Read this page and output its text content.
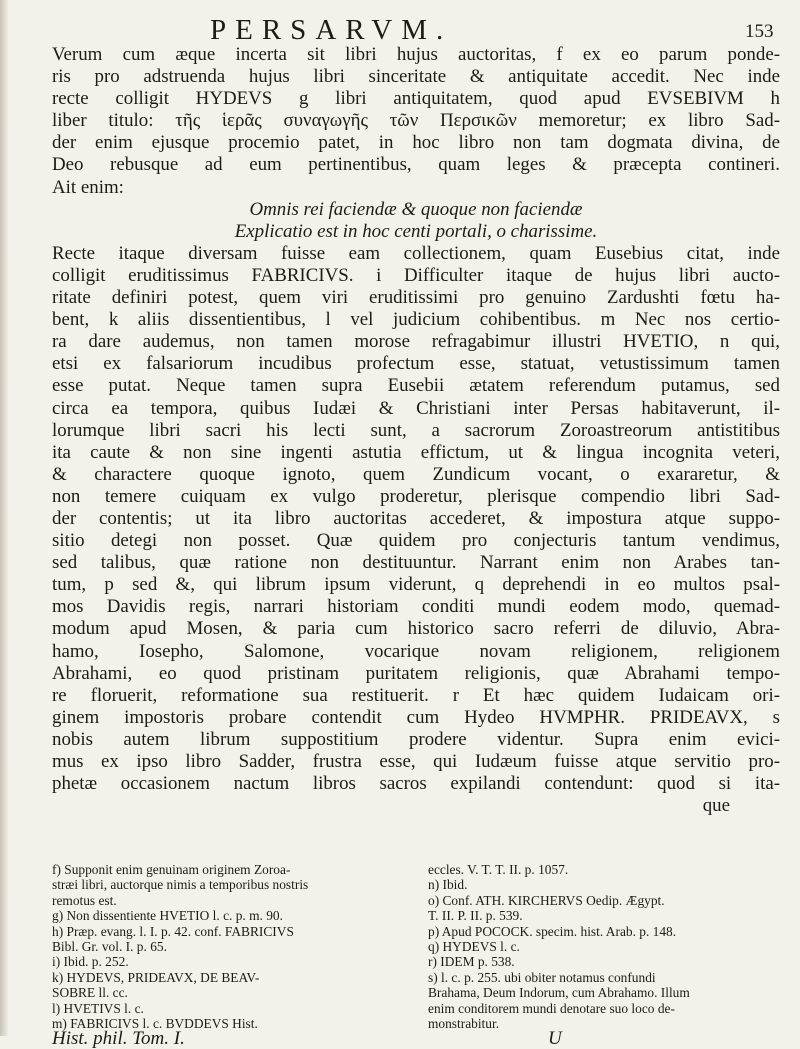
PERSARVM.	153
Verum cum æque incerta sit libri hujus auctoritas, f ex eo parum ponde-
ris pro adstruenda hujus libri sinceritate & antiquitate accedit. Nec inde
recte colligit HYDEVS g libri antiquitatem, quod apud EVSEBIVM h
liber titulo: τῆς ἱερᾶς συναγωγῆς τῶν Περσικῶν memoretur; ex libro Sad-
der enim ejusque procemio patet, in hoc libro non tam dogmata divina, de
Deo rebusque ad eum pertinentibus, quam leges & præcepta contineri.
Ait enim:
Omnis rei faciendæ & quoque non faciendæ
Explicatio est in hoc centi portali, o charissime.
Recte itaque diversam fuisse eam collectionem, quam Eusebius citat, inde
colligit eruditissimus FABRICIVS. i Difficulter itaque de hujus libri aucto-
ritate definiri potest, quem viri eruditissimi pro genuino Zardushti fœtu ha-
bent, k aliis dissentientibus, l vel judicium cohibentibus. m Nec nos certio-
ra dare audemus, non tamen morose refragabimur illustri HVETIO, n qui,
etsi ex falsariorum incudibus profectum esse, statuat, vetustissimum tamen
esse putat. Neque tamen supra Eusebii ætatem referendum putamus, sed
circa ea tempora, quibus Iudæi & Christiani inter Persas habitaverunt, il-
lorumque libri sacri his lecti sunt, a sacrorum Zoroastreorum antistitibus
ita caute & non sine ingenti astutia effictum, ut & lingua incognita veteri,
& charactere quoque ignoto, quem Zundicum vocant, o exararetur, &
non temere cuiquam ex vulgo proderetur, plerisque compendio libri Sad-
der contentis; ut ita libro auctoritas accederet, & impostura atque suppo-
sitio detegi non posset. Quæ quidem pro conjecturis tantum vendimus,
sed talibus, quæ ratione non destituuntur. Narrant enim non Arabes tan-
tum, p sed &, qui librum ipsum viderunt, q deprehendi in eo multos psal-
mos Davidis regis, narrari historiam conditi mundi eodem modo, quemad-
modum apud Mosen, & paria cum historico sacro referri de diluvio, Abra-
hamo, Iosepho, Salomone, vocarique novam religionem, religionem
Abrahami, eo quod pristinam puritatem religionis, quæ Abrahami tempo-
re floruerit, reformatione sua restituerit. r Et hæc quidem Iudaicam ori-
ginem impostoris probare contendit cum Hydeo HVMPHR. PRIDEAVX, s
nobis autem librum suppostitium prodere videntur. Supra enim evici-
mus ex ipso libro Sadder, frustra esse, qui Iudæum fuisse atque servitio pro-
phetæ occasionem nactum libros sacros expilandi contendunt: quod si ita-
que
f) Supponit enim genuinam originem Zoroa-
stræi libri, auctorque nimis a temporibus nostris
remotus est.
g) Non dissentiente HVETIO l. c. p. m. 90.
h) Præp. evang. l. I. p. 42. conf. FABRICIVS
Bibl. Gr. vol. I. p. 65.
i) Ibid. p. 252.
k) HYDEVS, PRIDEAVX, DE BEAV-
SOBRE ll. cc.
l) HVETIVS l. c.
m) FABRICIVS l. c. BVDDEVS Hist.
Hist. phil. Tom. I.
eccles. V. T. T. II. p. 1057.
n) Ibid.
o) Conf. ATH. KIRCHERVS Oedip. Ægypt.
T. II. P. II. p. 539.
p) Apud POCOCK. specim. hist. Arab. p. 148.
q) HYDEVS l. c.
r) IDEM p. 538.
s) l. c. p. 255. ubi obiter notamus confundi
Brahama, Deum Indorum, cum Abrahamo. Illum
enim conditorem mundi denotare suo loco de-
monstrabitur.
U
